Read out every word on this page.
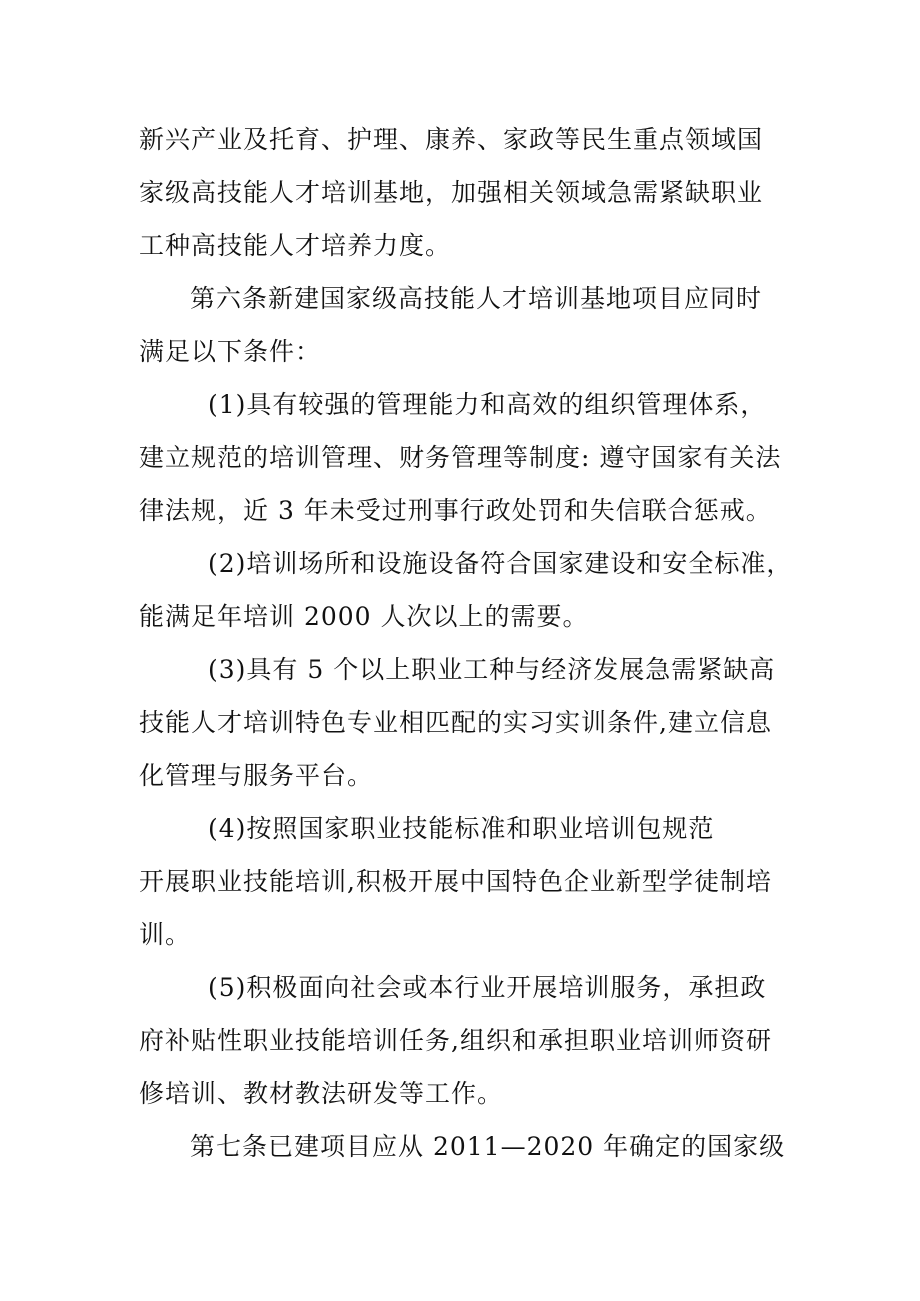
新兴产业及托育、护理、康养、家政等民生重点领域国
家级高技能人才培训基地，加强相关领域急需紧缺职业
工种高技能人才培养力度。
第六条新建国家级高技能人才培训基地项目应同时
满足以下条件：
(1)具有较强的管理能力和高效的组织管理体系，
建立规范的培训管理、财务管理等制度: 遵守国家有关法
律法规，近 3 年未受过刑事行政处罚和失信联合惩戒。
(2)培训场所和设施设备符合国家建设和安全标准，
能满足年培训 2000 人次以上的需要。
(3)具有 5 个以上职业工种与经济发展急需紧缺高
技能人才培训特色专业相匹配的实习实训条件,建立信息
化管理与服务平台。
(4)按照国家职业技能标准和职业培训包规范
开展职业技能培训,积极开展中国特色企业新型学徒制培
训。
(5)积极面向社会或本行业开展培训服务，承担政
府补贴性职业技能培训任务,组织和承担职业培训师资研
修培训、教材教法研发等工作。
第七条已建项目应从 2011—2020 年确定的国家级
